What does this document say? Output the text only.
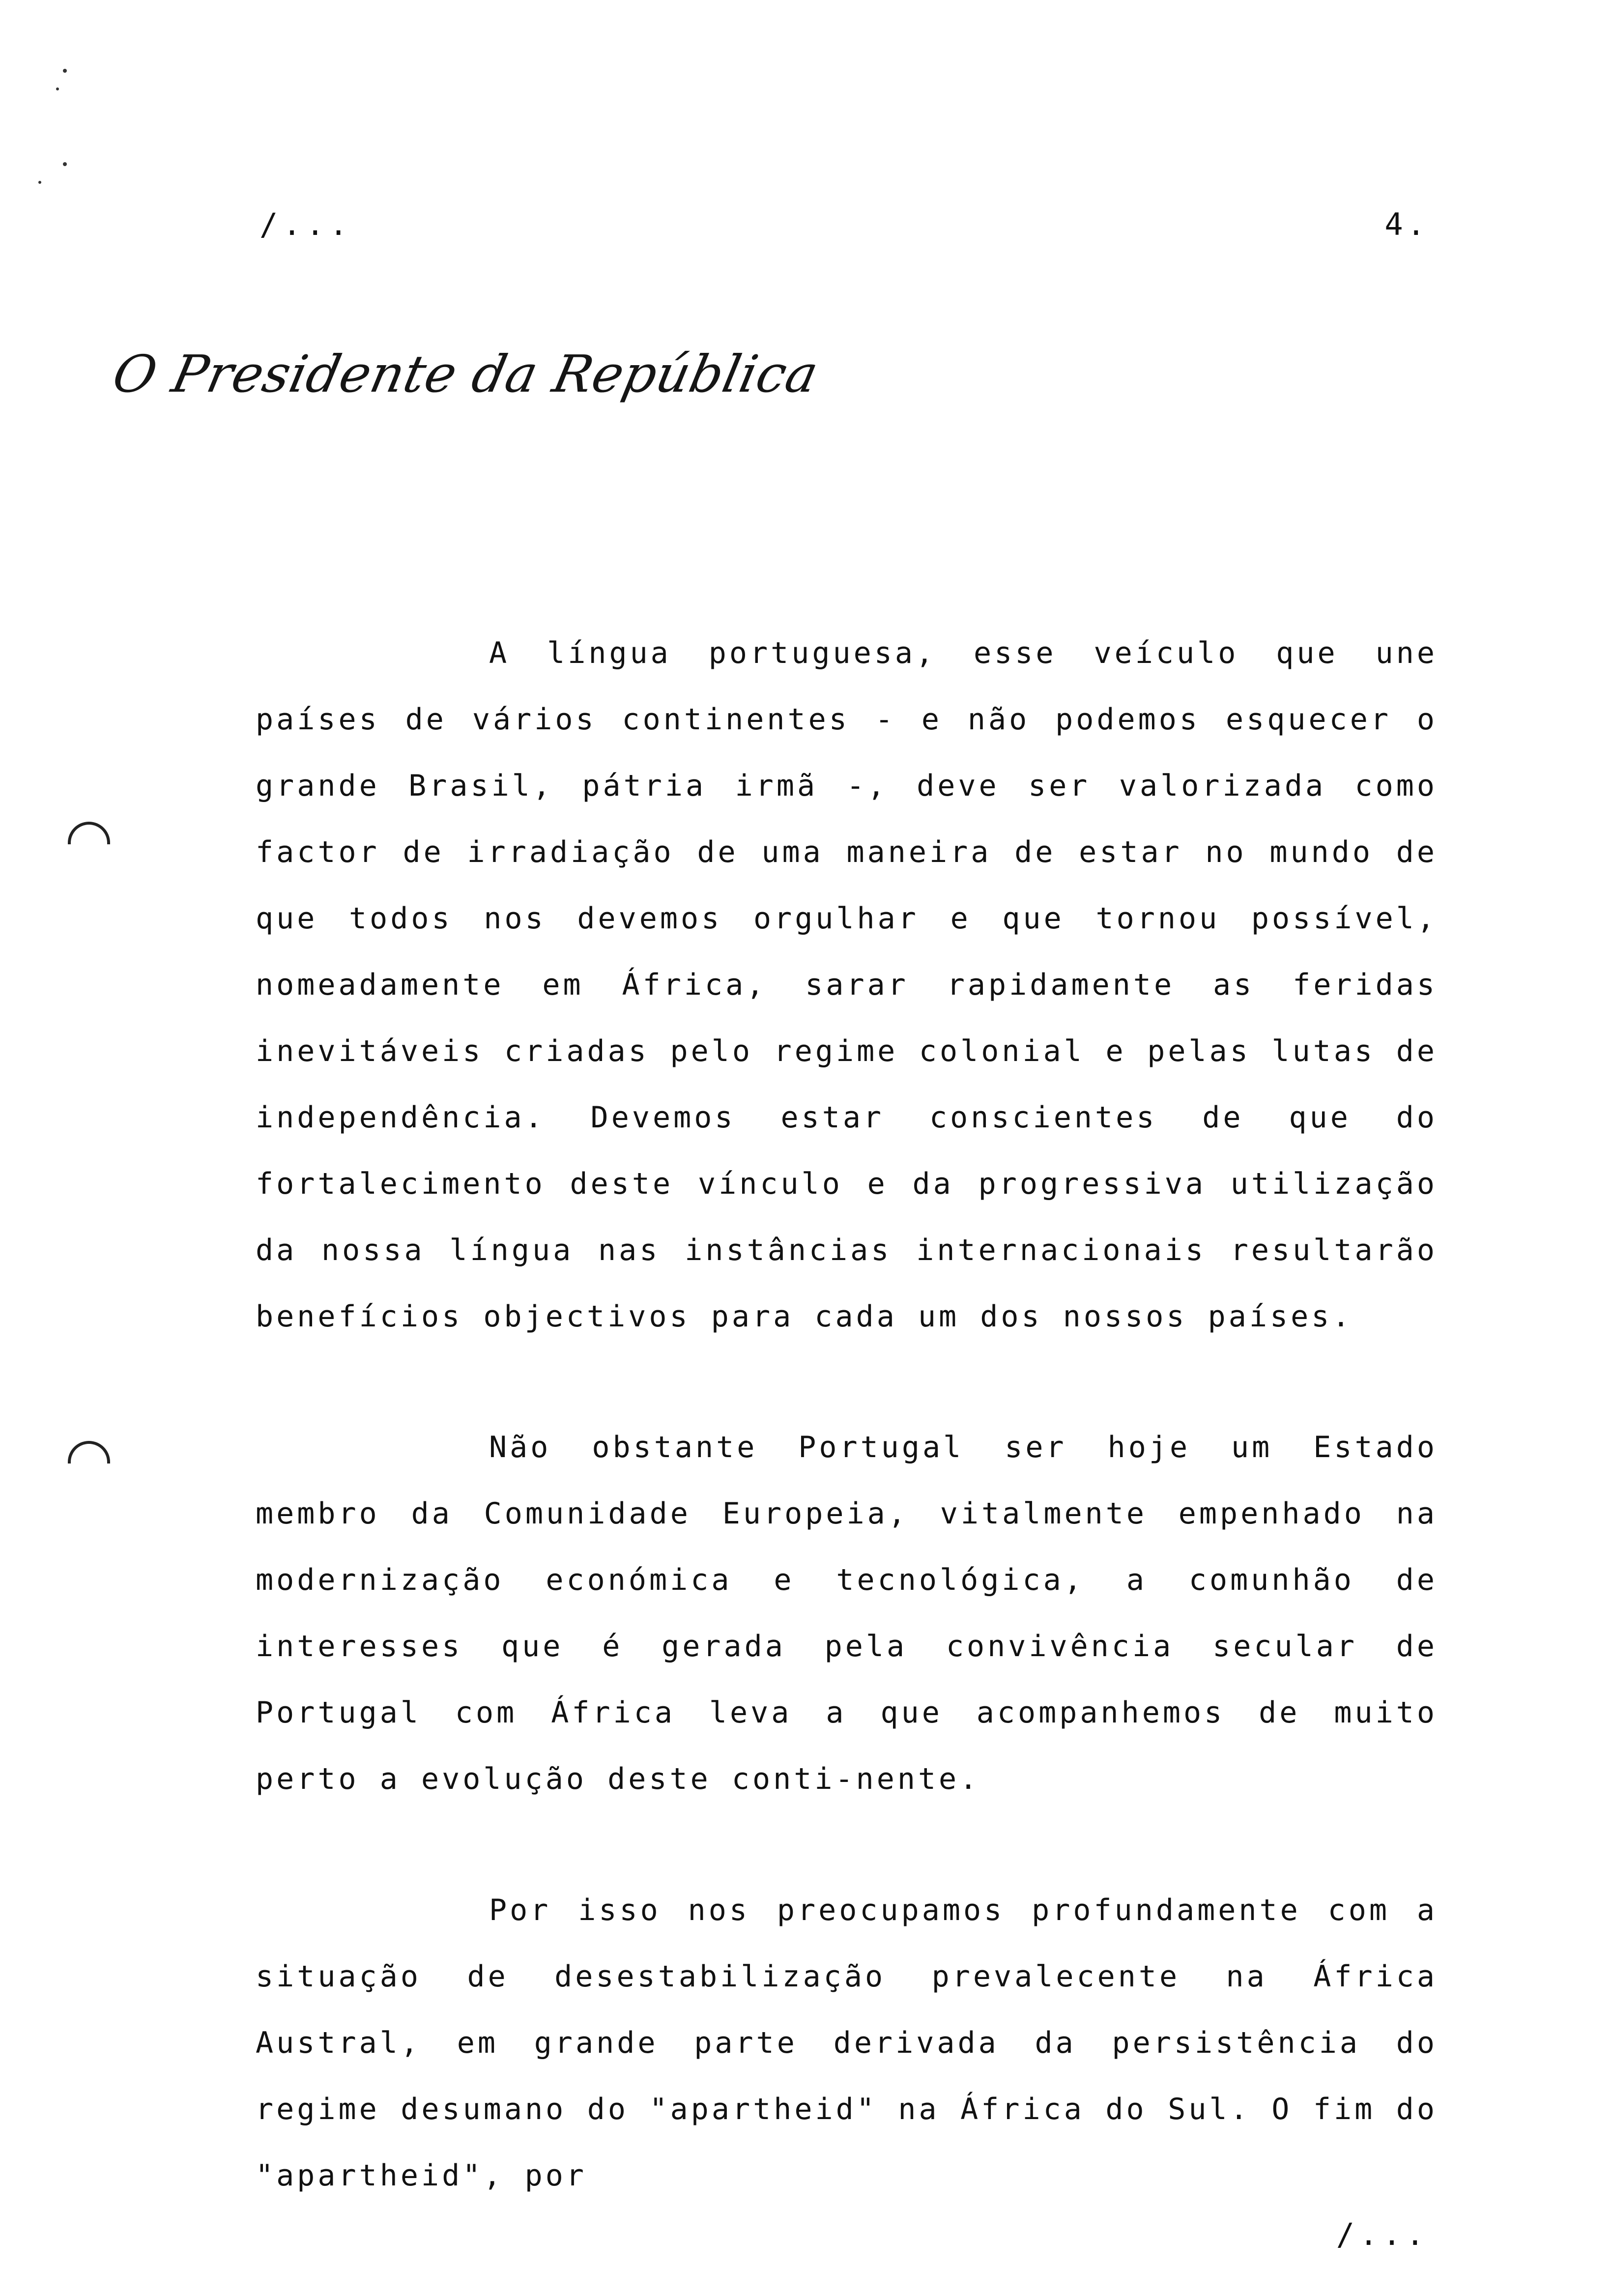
/...	4.
O Presidente da República

A língua portuguesa, esse veículo que une países de vários continentes - e não podemos esquecer o grande Brasil, pátria irmã -, deve ser valorizada como factor de irradiação de uma maneira de estar no mundo de que todos nos devemos orgulhar e que tornou possível, nomeadamente em África, sarar rapidamente as feridas inevitáveis criadas pelo regime colonial e pelas lutas de independência. Devemos estar conscientes de que do fortalecimento deste vínculo e da progressiva utilização da nossa língua nas instâncias internacionais resultarão benefícios objectivos para cada um dos nossos países.

Não obstante Portugal ser hoje um Estado membro da Comunidade Europeia, vitalmente empenhado na modernização económica e tecnológica, a comunhão de interesses que é gerada pela convivência secular de Portugal com África leva a que acompanhemos de muito perto a evolução deste conti-nente.

Por isso nos preocupamos profundamente com a situação de desestabilização prevalecente na África Austral, em grande parte derivada da persistência do regime desumano do "apartheid" na África do Sul. O fim do "apartheid", por

/...
